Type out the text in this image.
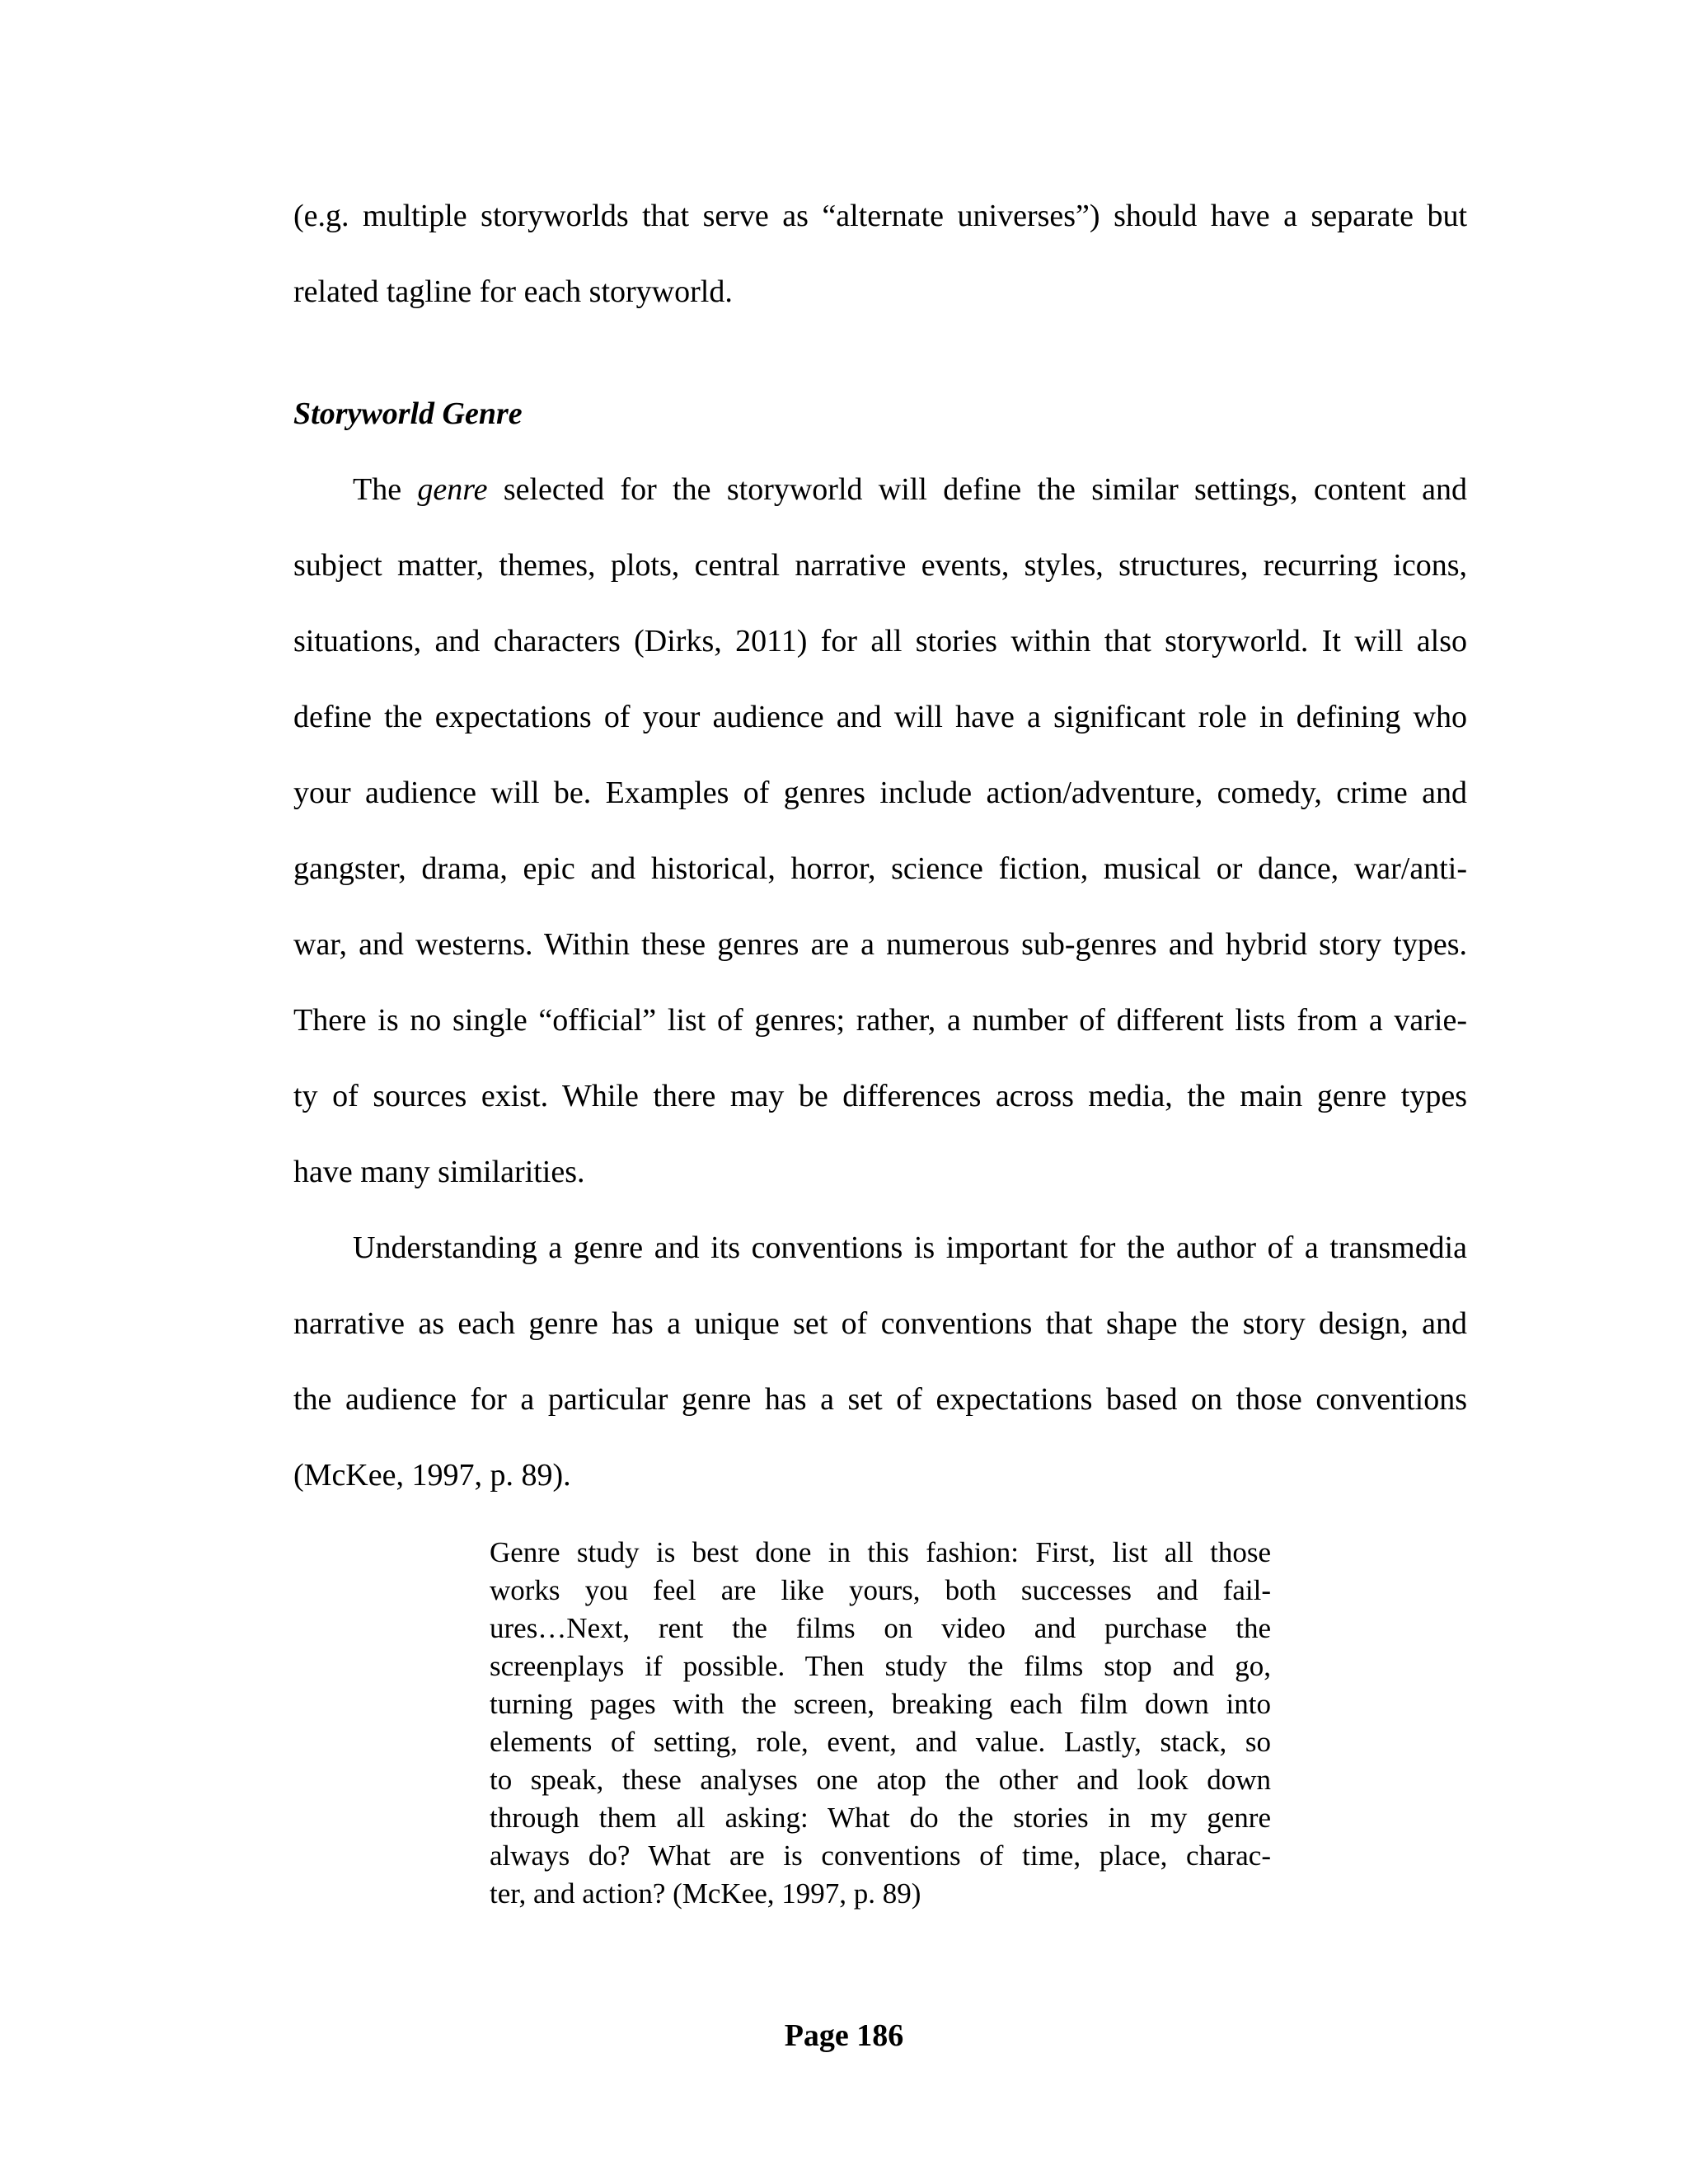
(e.g. multiple storyworlds that serve as “alternate universes”) should have a separate but
related tagline for each storyworld.
Storyworld Genre
The genre selected for the storyworld will define the similar settings, content and
subject matter, themes, plots, central narrative events, styles, structures, recurring icons,
situations, and characters (Dirks, 2011) for all stories within that storyworld. It will also
define the expectations of your audience and will have a significant role in defining who
your audience will be. Examples of genres include action/adventure, comedy, crime and
gangster, drama, epic and historical, horror, science fiction, musical or dance, war/anti-
war, and westerns. Within these genres are a numerous sub-genres and hybrid story types.
There is no single “official” list of genres; rather, a number of different lists from a varie-
ty of sources exist. While there may be differences across media, the main genre types
have many similarities.
Understanding a genre and its conventions is important for the author of a transmedia
narrative as each genre has a unique set of conventions that shape the story design, and
the audience for a particular genre has a set of expectations based on those conventions
(McKee, 1997, p. 89).
Genre study is best done in this fashion: First, list all those
works you feel are like yours, both successes and fail-
ures…Next, rent the films on video and purchase the
screenplays if possible. Then study the films stop and go,
turning pages with the screen, breaking each film down into
elements of setting, role, event, and value. Lastly, stack, so
to speak, these analyses one atop the other and look down
through them all asking: What do the stories in my genre
always do? What are is conventions of time, place, charac-
ter, and action? (McKee, 1997, p. 89)
Page 186
